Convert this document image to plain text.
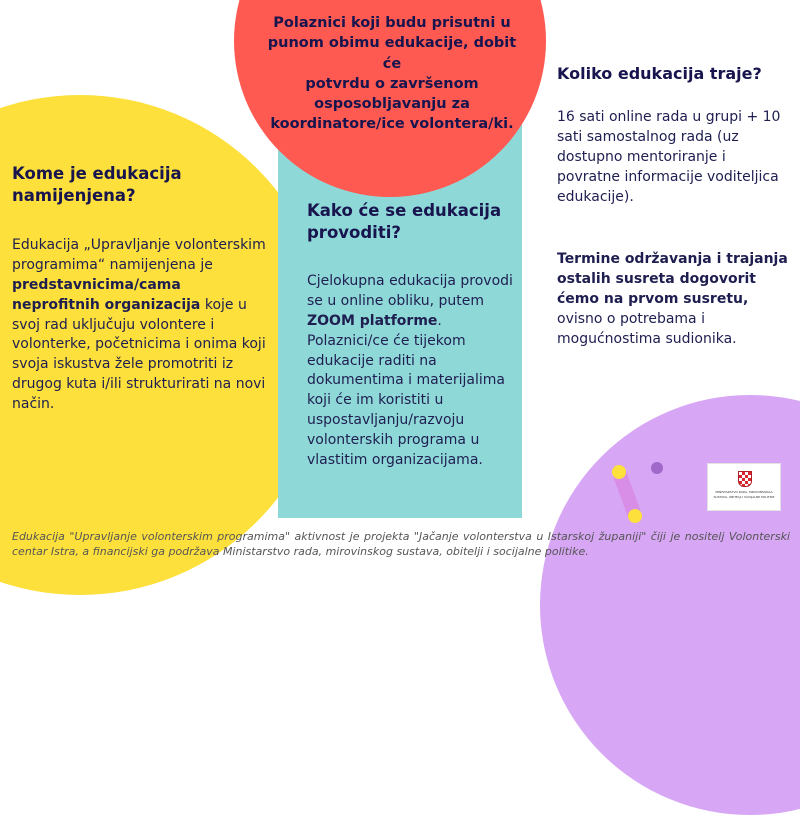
Polaznici koji budu prisutni u
punom obimu edukacije, dobit će
potvrdu o završenom
osposobljavanju za
koordinatore/ice volontera/ki.
Kome je edukacija
namijenjena?

Edukacija „Upravljanje volonterskim programima“ namijenjena je predstavnicima/cama neprofitnih organizacija koje u svoj rad uključuju volontere i volonterke, početnicima i onima koji svoja iskustva žele promotriti iz drugog kuta i/ili strukturirati na novi način.

Kako će se edukacija
provoditi?

Cjelokupna edukacija provodi se u online obliku, putem ZOOM platforme. Polaznici/ce će tijekom edukacije raditi na dokumentima i materijalima koji će im koristiti u uspostavljanju/razvoju volonterskih programa u vlastitim organizacijama.

Koliko edukacija traje?

16 sati online rada u grupi + 10 sati samostalnog rada (uz dostupno mentoriranje i povratne informacije voditeljica edukacije).

Termine održavanja i trajanja ostalih susreta dogovorit ćemo na prvom susretu, ovisno o potrebama i mogućnostima sudionika.

MINISTARSTVO RADA, MIROVINSKOGA

SUSTAVA, OBITELJI I SOCIJALNE POLITIKE

Edukacija "Upravljanje volonterskim programima" aktivnost je projekta "Jačanje volonterstva u Istarskoj županiji" čiji je nositelj Volonterski centar Istra, a financijski ga podržava Ministarstvo rada, mirovinskog sustava, obitelji i socijalne politike.
